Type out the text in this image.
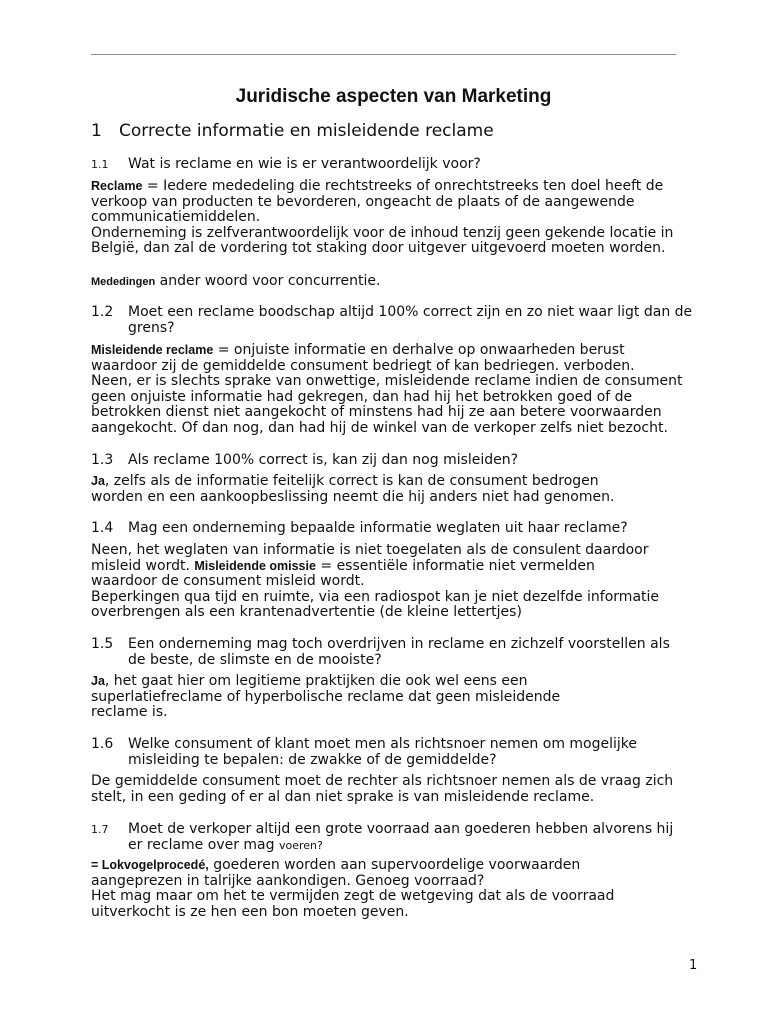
Juridische aspecten van Marketing
1 Correcte informatie en misleidende reclame
1.1 Wat is reclame en wie is er verantwoordelijk voor?
Reclame = Iedere mededeling die rechtstreeks of onrechtstreeks ten doel heeft de
verkoop van producten te bevorderen, ongeacht de plaats of de aangewende
communicatiemiddelen.
Onderneming is zelfverantwoordelijk voor de inhoud tenzij geen gekende locatie in
België, dan zal de vordering tot staking door uitgever uitgevoerd moeten worden.
Mededingen ander woord voor concurrentie.
1.2 Moet een reclame boodschap altijd 100% correct zijn en zo niet waar ligt dan de
grens?
Misleidende reclame = onjuiste informatie en derhalve op onwaarheden berust
waardoor zij de gemiddelde consument bedriegt of kan bedriegen. verboden.
Neen, er is slechts sprake van onwettige, misleidende reclame indien de consument
geen onjuiste informatie had gekregen, dan had hij het betrokken goed of de
betrokken dienst niet aangekocht of minstens had hij ze aan betere voorwaarden
aangekocht. Of dan nog, dan had hij de winkel van de verkoper zelfs niet bezocht.
1.3 Als reclame 100% correct is, kan zij dan nog misleiden?
Ja, zelfs als de informatie feitelijk correct is kan de consument bedrogen
worden en een aankoopbeslissing neemt die hij anders niet had genomen.
1.4 Mag een onderneming bepaalde informatie weglaten uit haar reclame?
Neen, het weglaten van informatie is niet toegelaten als de consulent daardoor
misleid wordt. Misleidende omissie = essentiële informatie niet vermelden
waardoor de consument misleid wordt.
Beperkingen qua tijd en ruimte, via een radiospot kan je niet dezelfde informatie
overbrengen als een krantenadvertentie (de kleine lettertjes)
1.5 Een onderneming mag toch overdrijven in reclame en zichzelf voorstellen als
de beste, de slimste en de mooiste?
Ja, het gaat hier om legitieme praktijken die ook wel eens een
superlatiefreclame of hyperbolische reclame dat geen misleidende
reclame is.
1.6 Welke consument of klant moet men als richtsnoer nemen om mogelijke
misleiding te bepalen: de zwakke of de gemiddelde?
De gemiddelde consument moet de rechter als richtsnoer nemen als de vraag zich
stelt, in een geding of er al dan niet sprake is van misleidende reclame.
1.7 Moet de verkoper altijd een grote voorraad aan goederen hebben alvorens hij
er reclame over mag voeren?
= Lokvogelprocedé, goederen worden aan supervoordelige voorwaarden
aangeprezen in talrijke aankondigen. Genoeg voorraad?
Het mag maar om het te vermijden zegt de wetgeving dat als de voorraad
uitverkocht is ze hen een bon moeten geven.
1
